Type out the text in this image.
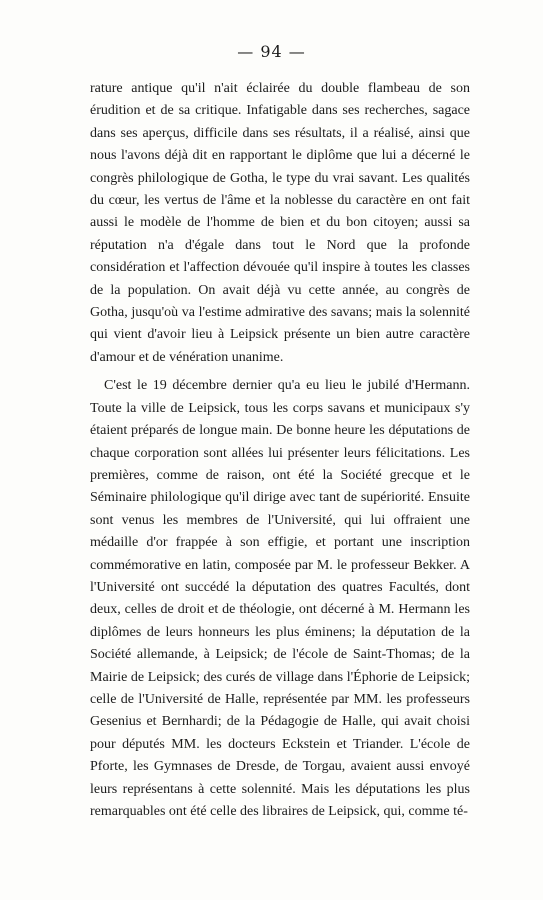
— 94 —

rature antique qu'il n'ait éclairée du double flambeau de son érudition et de sa critique. Infatigable dans ses recherches, sagace dans ses aperçus, difficile dans ses résultats, il a réalisé, ainsi que nous l'avons déjà dit en rapportant le diplôme que lui a décerné le congrès philologique de Gotha, le type du vrai savant. Les qualités du cœur, les vertus de l'âme et la noblesse du caractère en ont fait aussi le modèle de l'homme de bien et du bon citoyen; aussi sa réputation n'a d'égale dans tout le Nord que la profonde considération et l'affection dévouée qu'il inspire à toutes les classes de la population. On avait déjà vu cette année, au congrès de Gotha, jusqu'où va l'estime admirative des savans; mais la solennité qui vient d'avoir lieu à Leipsick présente un bien autre caractère d'amour et de vénération unanime.

C'est le 19 décembre dernier qu'a eu lieu le jubilé d'Hermann. Toute la ville de Leipsick, tous les corps savans et municipaux s'y étaient préparés de longue main. De bonne heure les députations de chaque corporation sont allées lui présenter leurs félicitations. Les premières, comme de raison, ont été la Société grecque et le Séminaire philologique qu'il dirige avec tant de supériorité. Ensuite sont venus les membres de l'Université, qui lui offraient une médaille d'or frappée à son effigie, et portant une inscription commémorative en latin, composée par M. le professeur Bekker. A l'Université ont succédé la députation des quatres Facultés, dont deux, celles de droit et de théologie, ont décerné à M. Hermann les diplômes de leurs honneurs les plus éminens; la députation de la Société allemande, à Leipsick; de l'école de Saint-Thomas; de la Mairie de Leipsick; des curés de village dans l'Éphorie de Leipsick; celle de l'Université de Halle, représentée par MM. les professeurs Gesenius et Bernhardi; de la Pédagogie de Halle, qui avait choisi pour députés MM. les docteurs Eckstein et Triander. L'école de Pforte, les Gymnases de Dresde, de Torgau, avaient aussi envoyé leurs représentans à cette solennité. Mais les députations les plus remarquables ont été celle des libraires de Leipsick, qui, comme té-
